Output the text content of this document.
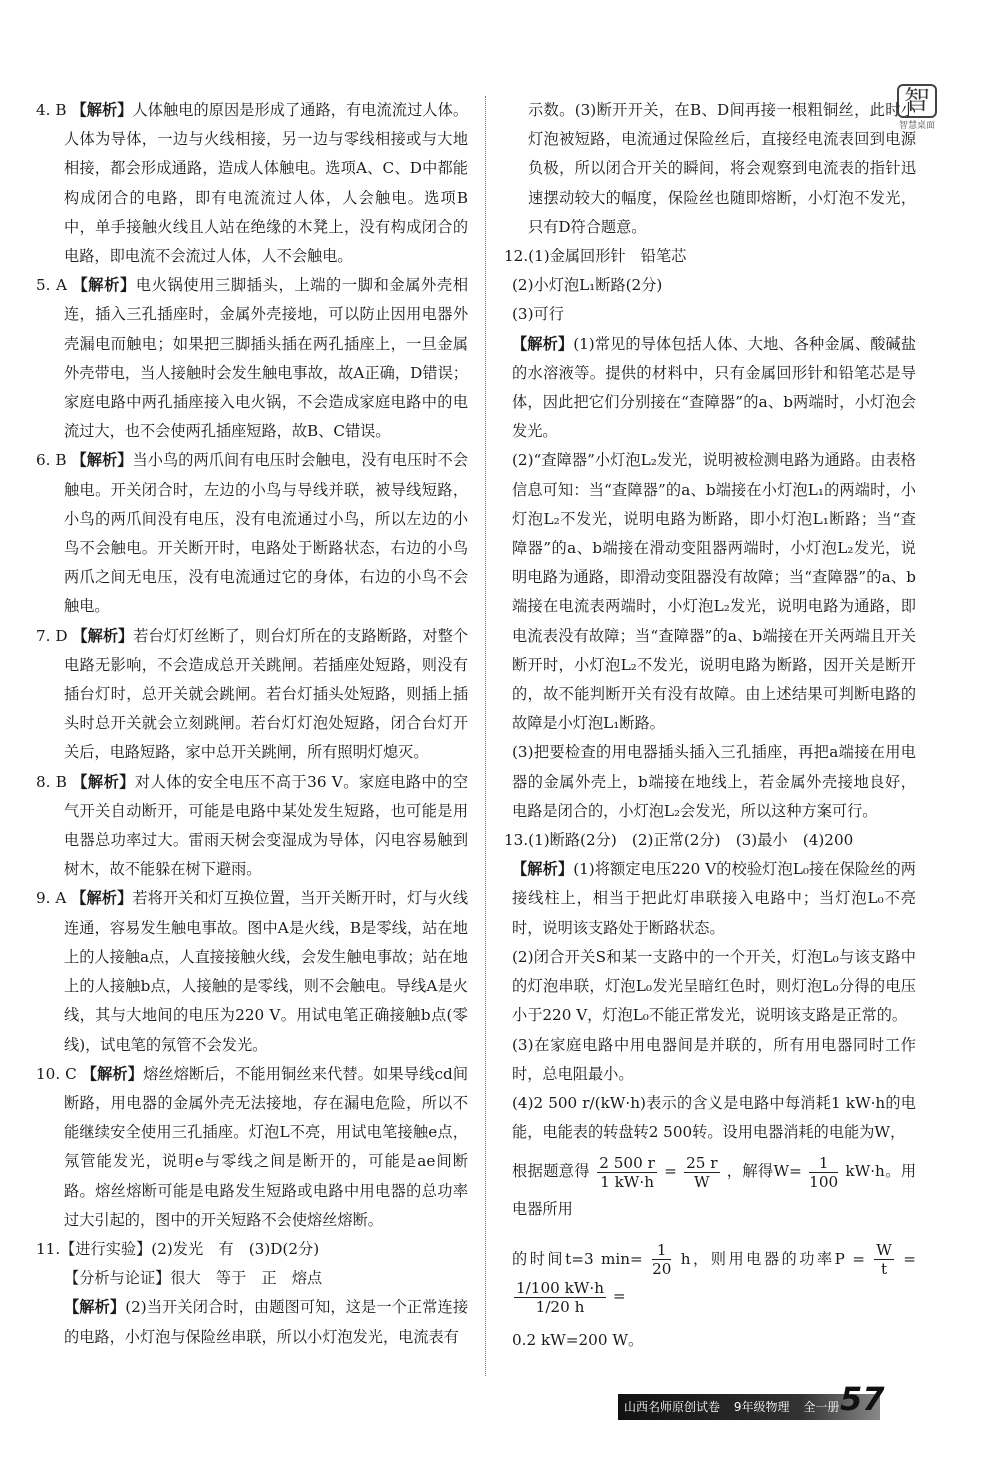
智
智慧桌面
4. B 【解析】人体触电的原因是形成了通路，有电流流过人体。人体为导体，一边与火线相接，另一边与零线相接或与大地相接，都会形成通路，造成人体触电。选项A、C、D中都能构成闭合的电路，即有电流流过人体，人会触电。选项B中，单手接触火线且人站在绝缘的木凳上，没有构成闭合的电路，即电流不会流过人体，人不会触电。
5. A 【解析】电火锅使用三脚插头，上端的一脚和金属外壳相连，插入三孔插座时，金属外壳接地，可以防止因用电器外壳漏电而触电；如果把三脚插头插在两孔插座上，一旦金属外壳带电，当人接触时会发生触电事故，故A正确，D错误；家庭电路中两孔插座接入电火锅，不会造成家庭电路中的电流过大，也不会使两孔插座短路，故B、C错误。
6. B 【解析】当小鸟的两爪间有电压时会触电，没有电压时不会触电。开关闭合时，左边的小鸟与导线并联，被导线短路，小鸟的两爪间没有电压，没有电流通过小鸟，所以左边的小鸟不会触电。开关断开时，电路处于断路状态，右边的小鸟两爪之间无电压，没有电流通过它的身体，右边的小鸟不会触电。
7. D 【解析】若台灯灯丝断了，则台灯所在的支路断路，对整个电路无影响，不会造成总开关跳闸。若插座处短路，则没有插台灯时，总开关就会跳闸。若台灯插头处短路，则插上插头时总开关就会立刻跳闸。若台灯灯泡处短路，闭合台灯开关后，电路短路，家中总开关跳闸，所有照明灯熄灭。
8. B 【解析】对人体的安全电压不高于36 V。家庭电路中的空气开关自动断开，可能是电路中某处发生短路，也可能是用电器总功率过大。雷雨天树会变湿成为导体，闪电容易触到树木，故不能躲在树下避雨。
9. A 【解析】若将开关和灯互换位置，当开关断开时，灯与火线连通，容易发生触电事故。图中A是火线，B是零线，站在地上的人接触a点，人直接接触火线，会发生触电事故；站在地上的人接触b点，人接触的是零线，则不会触电。导线A是火线，其与大地间的电压为220 V。用试电笔正确接触b点(零线)，试电笔的氖管不会发光。
10. C 【解析】熔丝熔断后，不能用铜丝来代替。如果导线cd间断路，用电器的金属外壳无法接地，存在漏电危险，所以不能继续安全使用三孔插座。灯泡L不亮，用试电笔接触e点，氖管能发光，说明e与零线之间是断开的，可能是ae间断路。熔丝熔断可能是电路发生短路或电路中用电器的总功率过大引起的，图中的开关短路不会使熔丝熔断。
11.【进行实验】(2)发光　有　(3)D(2分)
【分析与论证】很大　等于　正　熔点
【解析】(2)当开关闭合时，由题图可知，这是一个正常连接的电路，小灯泡与保险丝串联，所以小灯泡发光，电流表有
示数。(3)断开开关，在B、D间再接一根粗铜丝，此时小灯泡被短路，电流通过保险丝后，直接经电流表回到电源负极，所以闭合开关的瞬间，将会观察到电流表的指针迅速摆动较大的幅度，保险丝也随即熔断，小灯泡不发光，只有D符合题意。
12.(1)金属回形针　铅笔芯
(2)小灯泡L₁断路(2分)
(3)可行
【解析】(1)常见的导体包括人体、大地、各种金属、酸碱盐的水溶液等。提供的材料中，只有金属回形针和铅笔芯是导体，因此把它们分别接在“查障器”的a、b两端时，小灯泡会发光。
(2)“查障器”小灯泡L₂发光，说明被检测电路为通路。由表格信息可知：当“查障器”的a、b端接在小灯泡L₁的两端时，小灯泡L₂不发光，说明电路为断路，即小灯泡L₁断路；当“查障器”的a、b端接在滑动变阻器两端时，小灯泡L₂发光，说明电路为通路，即滑动变阻器没有故障；当“查障器”的a、b端接在电流表两端时，小灯泡L₂发光，说明电路为通路，即电流表没有故障；当“查障器”的a、b端接在开关两端且开关断开时，小灯泡L₂不发光，说明电路为断路，因开关是断开的，故不能判断开关有没有故障。由上述结果可判断电路的故障是小灯泡L₁断路。
(3)把要检查的用电器插头插入三孔插座，再把a端接在用电器的金属外壳上，b端接在地线上，若金属外壳接地良好，电路是闭合的，小灯泡L₂会发光，所以这种方案可行。
13.(1)断路(2分)　(2)正常(2分)　(3)最小　(4)200
【解析】(1)将额定电压220 V的校验灯泡L₀接在保险丝的两接线柱上，相当于把此灯串联接入电路中；当灯泡L₀不亮时，说明该支路处于断路状态。
(2)闭合开关S和某一支路中的一个开关，灯泡L₀与该支路中的灯泡串联，灯泡L₀发光呈暗红色时，则灯泡L₀分得的电压小于220 V，灯泡L₀不能正常发光，说明该支路是正常的。
(3)在家庭电路中用电器间是并联的，所有用电器同时工作时，总电阻最小。
(4)2 500 r/(kW·h)表示的含义是电路中每消耗1 kW·h的电能，电能表的转盘转2 500转。设用电器消耗的电能为W，
根据题意得 $\frac{2 500 r}{1 kW\cdot h} = \frac{25 r}{W}$ ，解得$W= \frac{1}{100} kW\cdot h$。用电器所用
的时间t=3 $\min= \frac{1}{20}$ h，则用电器的功率$P = \frac{W}{t}$ =
$\frac{1/100 kW\cdot h}{1/20 h}$ =
0.2 kW=200 W。
山西名师原创试卷 9年级物理 全一册 57
